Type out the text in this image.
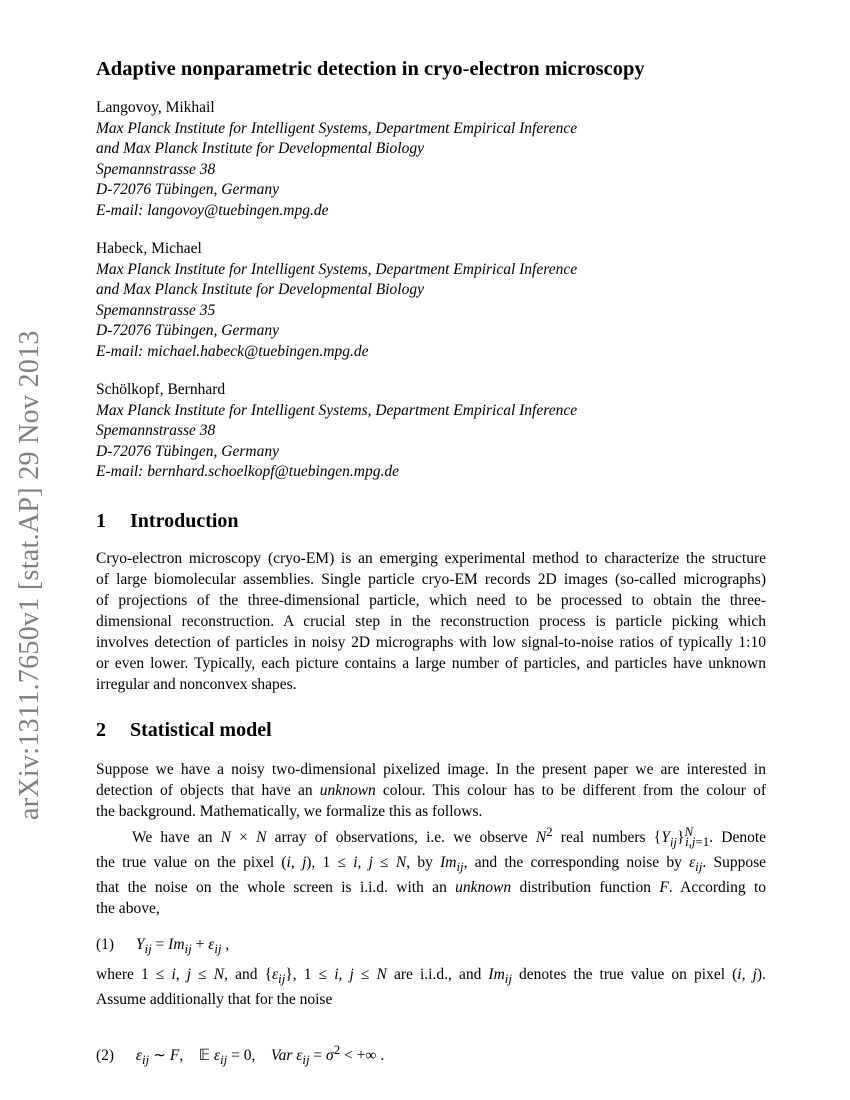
arXiv:1311.7650v1 [stat.AP] 29 Nov 2013
Adaptive nonparametric detection in cryo-electron microscopy
Langovoy, Mikhail
Max Planck Institute for Intelligent Systems, Department Empirical Inference
and Max Planck Institute for Developmental Biology
Spemannstrasse 38
D-72076 Tübingen, Germany
E-mail: langovoy@tuebingen.mpg.de
Habeck, Michael
Max Planck Institute for Intelligent Systems, Department Empirical Inference
and Max Planck Institute for Developmental Biology
Spemannstrasse 35
D-72076 Tübingen, Germany
E-mail: michael.habeck@tuebingen.mpg.de
Schölkopf, Bernhard
Max Planck Institute for Intelligent Systems, Department Empirical Inference
Spemannstrasse 38
D-72076 Tübingen, Germany
E-mail: bernhard.schoelkopf@tuebingen.mpg.de
1 Introduction
Cryo-electron microscopy (cryo-EM) is an emerging experimental method to characterize the structure
of large biomolecular assemblies. Single particle cryo-EM records 2D images (so-called micrographs)
of projections of the three-dimensional particle, which need to be processed to obtain the three-
dimensional reconstruction. A crucial step in the reconstruction process is particle picking which
involves detection of particles in noisy 2D micrographs with low signal-to-noise ratios of typically 1:10
or even lower. Typically, each picture contains a large number of particles, and particles have unknown
irregular and nonconvex shapes.
2 Statistical model
Suppose we have a noisy two-dimensional pixelized image. In the present paper we are interested in
detection of objects that have an unknown colour. This colour has to be different from the colour of
the background. Mathematically, we formalize this as follows.
We have an N × N array of observations, i.e. we observe $N^2$ real numbers $\{Y_{ij}\}^N_{i,j=1}$. Denote
the true value on the pixel (i, j), 1 ≤ i, j ≤ N, by $Im_{ij}$, and the corresponding noise by $\varepsilon_{ij}$. Suppose
that the noise on the whole screen is i.i.d. with an unknown distribution function F. According to
the above,
(1) $Y_{ij} = Im_{ij} + \varepsilon_{ij}$ ,
where 1 ≤ i, j ≤ N, and $\{\varepsilon_{ij}\}$, 1 ≤ i, j ≤ N are i.i.d., and $Im_{ij}$ denotes the true value on pixel (i, j).
Assume additionally that for the noise
(2) $\varepsilon_{ij}$ ∼ F,    𝔼 $\varepsilon_{ij} = 0$,    Var $\varepsilon_{ij} = \sigma^2$ < +∞ .
